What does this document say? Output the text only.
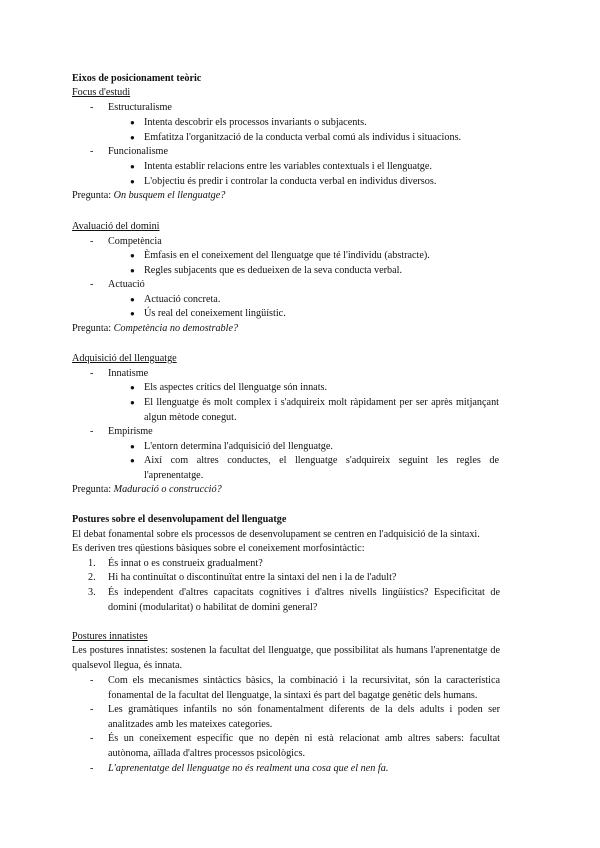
Eixos de posicionament teòric
Focus d'estudi
- Estructuralisme
● Intenta descobrir els processos invariants o subjacents.
● Emfatitza l'organització de la conducta verbal comú als individus i situacions.
- Funcionalisme
● Intenta establir relacions entre les variables contextuals i el llenguatge.
● L'objectiu és predir i controlar la conducta verbal en individus diversos.
Pregunta: On busquem el llenguatge?
Avaluació del domini
- Competència
● Èmfasis en el coneixement del llenguatge que té l'individu (abstracte).
● Regles subjacents que es dedueixen de la seva conducta verbal.
- Actuació
● Actuació concreta.
● Ús real del coneixement lingüístic.
Pregunta: Competència no demostrable?
Adquisició del llenguatge
- Innatisme
● Els aspectes crítics del llenguatge són innats.
● El llenguatge és molt complex i s'adquireix molt ràpidament per ser après mitjançant algun mètode conegut.
- Empirisme
● L'entorn determina l'adquisició del llenguatge.
● Així com altres conductes, el llenguatge s'adquireix seguint les regles de l'aprenentatge.
Pregunta: Maduració o construcció?
Postures sobre el desenvolupament del llenguatge
El debat fonamental sobre els processos de desenvolupament se centren en l'adquisició de la sintaxi.
Es deriven tres qüestions bàsiques sobre el coneixement morfosintàctic:
1. És innat o es construeix gradualment?
2. Hi ha continuïtat o discontinuïtat entre la sintaxi del nen i la de l'adult?
3. És independent d'altres capacitats cognitives i d'altres nivells lingüístics? Especificitat de domini (modularitat) o habilitat de domini general?
Postures innatistes
Les postures innatistes: sostenen la facultat del llenguatge, que possibilitat als humans l'aprenentatge de qualsevol llegua, és innata.
- Com els mecanismes sintàctics bàsics, la combinació i la recursivitat, són la característica fonamental de la facultat del llenguatge, la sintaxi és part del bagatge genètic dels humans.
- Les gramàtiques infantils no són fonamentalment diferents de la dels adults i poden ser analitzades amb les mateixes categories.
- És un coneixement específic que no depèn ni està relacionat amb altres sabers: facultat autònoma, aïllada d'altres processos psicològics.
- L'aprenentatge del llenguatge no és realment una cosa que el nen fa.
